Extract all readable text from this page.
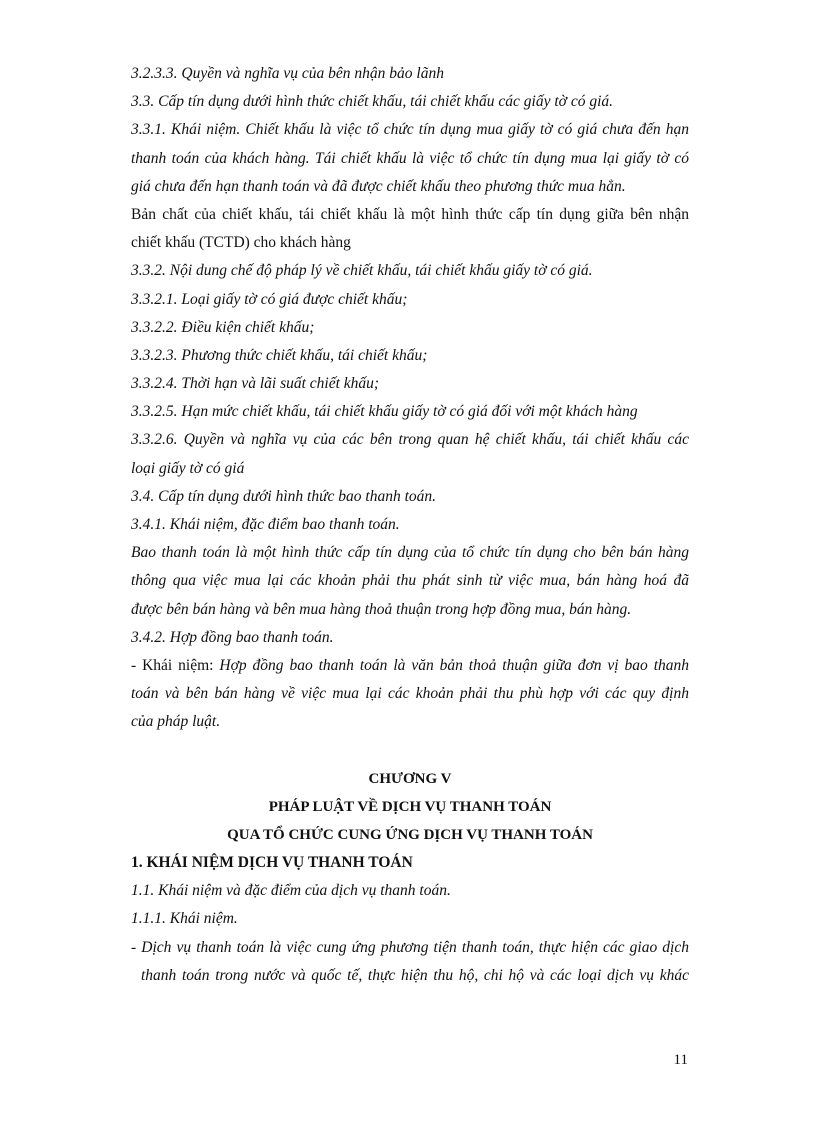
3.2.3.3. Quyền và nghĩa vụ của bên nhận bảo lãnh
3.3. Cấp tín dụng dưới hình thức chiết khấu, tái chiết khấu các giấy tờ có giá.
3.3.1. Khái niệm. Chiết khấu là việc tổ chức tín dụng mua giấy tờ có giá chưa đến hạn
thanh toán của khách hàng. Tái chiết khấu là việc tổ chức tín dụng mua lại giấy tờ có
giá chưa đến hạn thanh toán và đã được chiết khấu theo phương thức mua hẳn.
Bản chất của chiết khấu, tái chiết khấu là một hình thức cấp tín dụng giữa bên nhận
chiết khấu (TCTD) cho khách hàng
3.3.2. Nội dung chế độ pháp lý về chiết khấu, tái chiết khấu giấy tờ có giá.
3.3.2.1. Loại giấy tờ có giá được chiết khấu;
3.3.2.2. Điều kiện chiết khấu;
3.3.2.3. Phương thức chiết khấu, tái chiết khấu;
3.3.2.4. Thời hạn và lãi suất chiết khấu;
3.3.2.5. Hạn mức chiết khấu, tái chiết khấu giấy tờ có giá đối với một khách hàng
3.3.2.6. Quyền và nghĩa vụ của các bên trong quan hệ chiết khấu, tái chiết khấu các
loại giấy tờ có giá
3.4. Cấp tín dụng dưới hình thức bao thanh toán.
3.4.1. Khái niệm, đặc điểm bao thanh toán.
Bao thanh toán là một hình thức cấp tín dụng của tổ chức tín dụng cho bên bán hàng
thông qua việc mua lại các khoản phải thu phát sinh từ việc mua, bán hàng hoá đã
được bên bán hàng và bên mua hàng thoả thuận trong hợp đồng mua, bán hàng.
3.4.2. Hợp đồng bao thanh toán.
- Khái niệm: Hợp đồng bao thanh toán là văn bản thoả thuận giữa đơn vị bao thanh
toán và bên bán hàng về việc mua lại các khoản phải thu phù hợp với các quy định
của pháp luật.
CHƯƠNG V
PHÁP LUẬT VỀ DỊCH VỤ THANH TOÁN
QUA TỔ CHỨC CUNG ỨNG DỊCH VỤ THANH TOÁN
1. KHÁI NIỆM DỊCH VỤ THANH TOÁN
1.1. Khái niệm và đặc điểm của dịch vụ thanh toán.
1.1.1. Khái niệm.
- Dịch vụ thanh toán là việc cung ứng phương tiện thanh toán, thực hiện các giao dịch
thanh toán trong nước và quốc tế, thực hiện thu hộ, chi hộ và các loại dịch vụ khác
11
